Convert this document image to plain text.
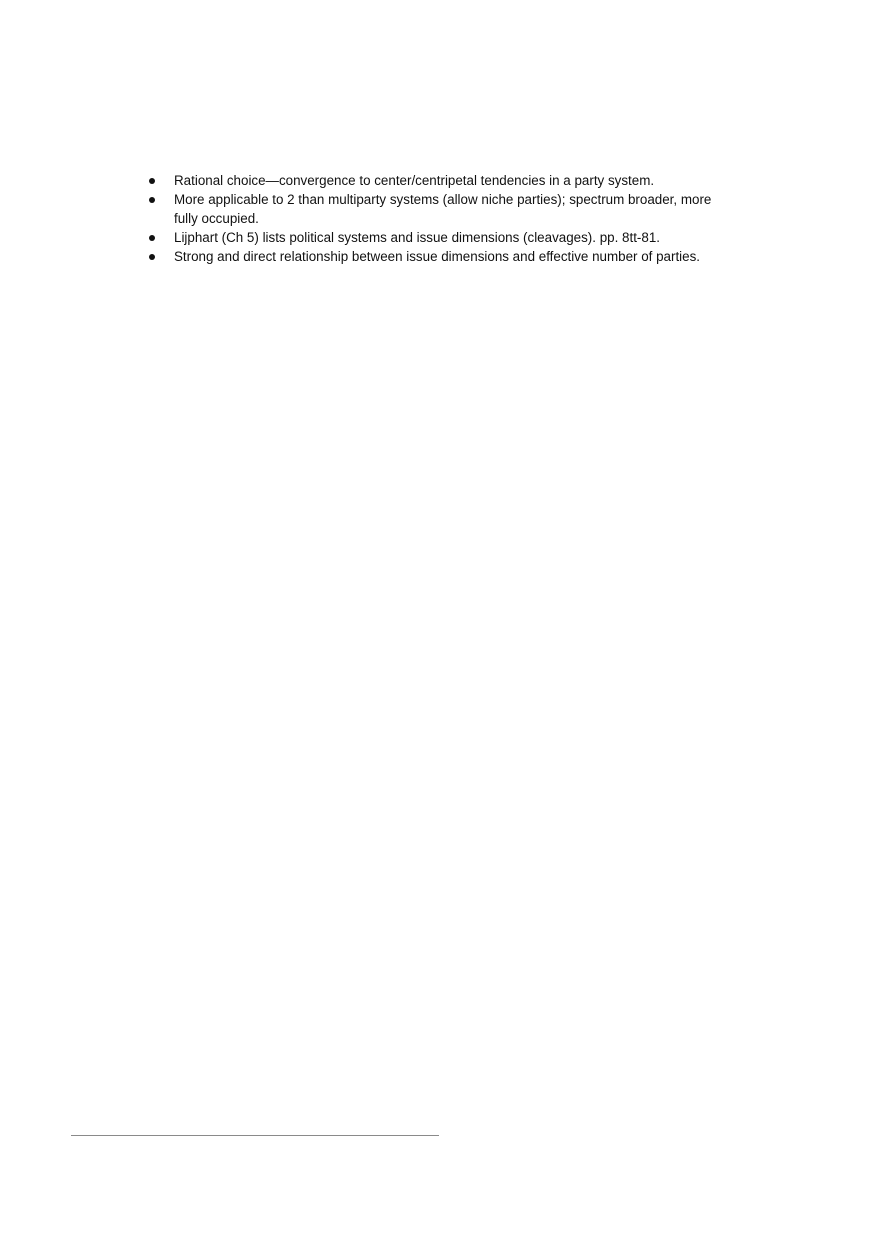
Rational choice—convergence to center/centripetal tendencies in a party system.
More applicable to 2 than multiparty systems (allow niche parties); spectrum broader, more fully occupied.
Lijphart (Ch 5) lists political systems and issue dimensions (cleavages). pp. 8tt-81.
Strong and direct relationship between issue dimensions and effective number of parties.
